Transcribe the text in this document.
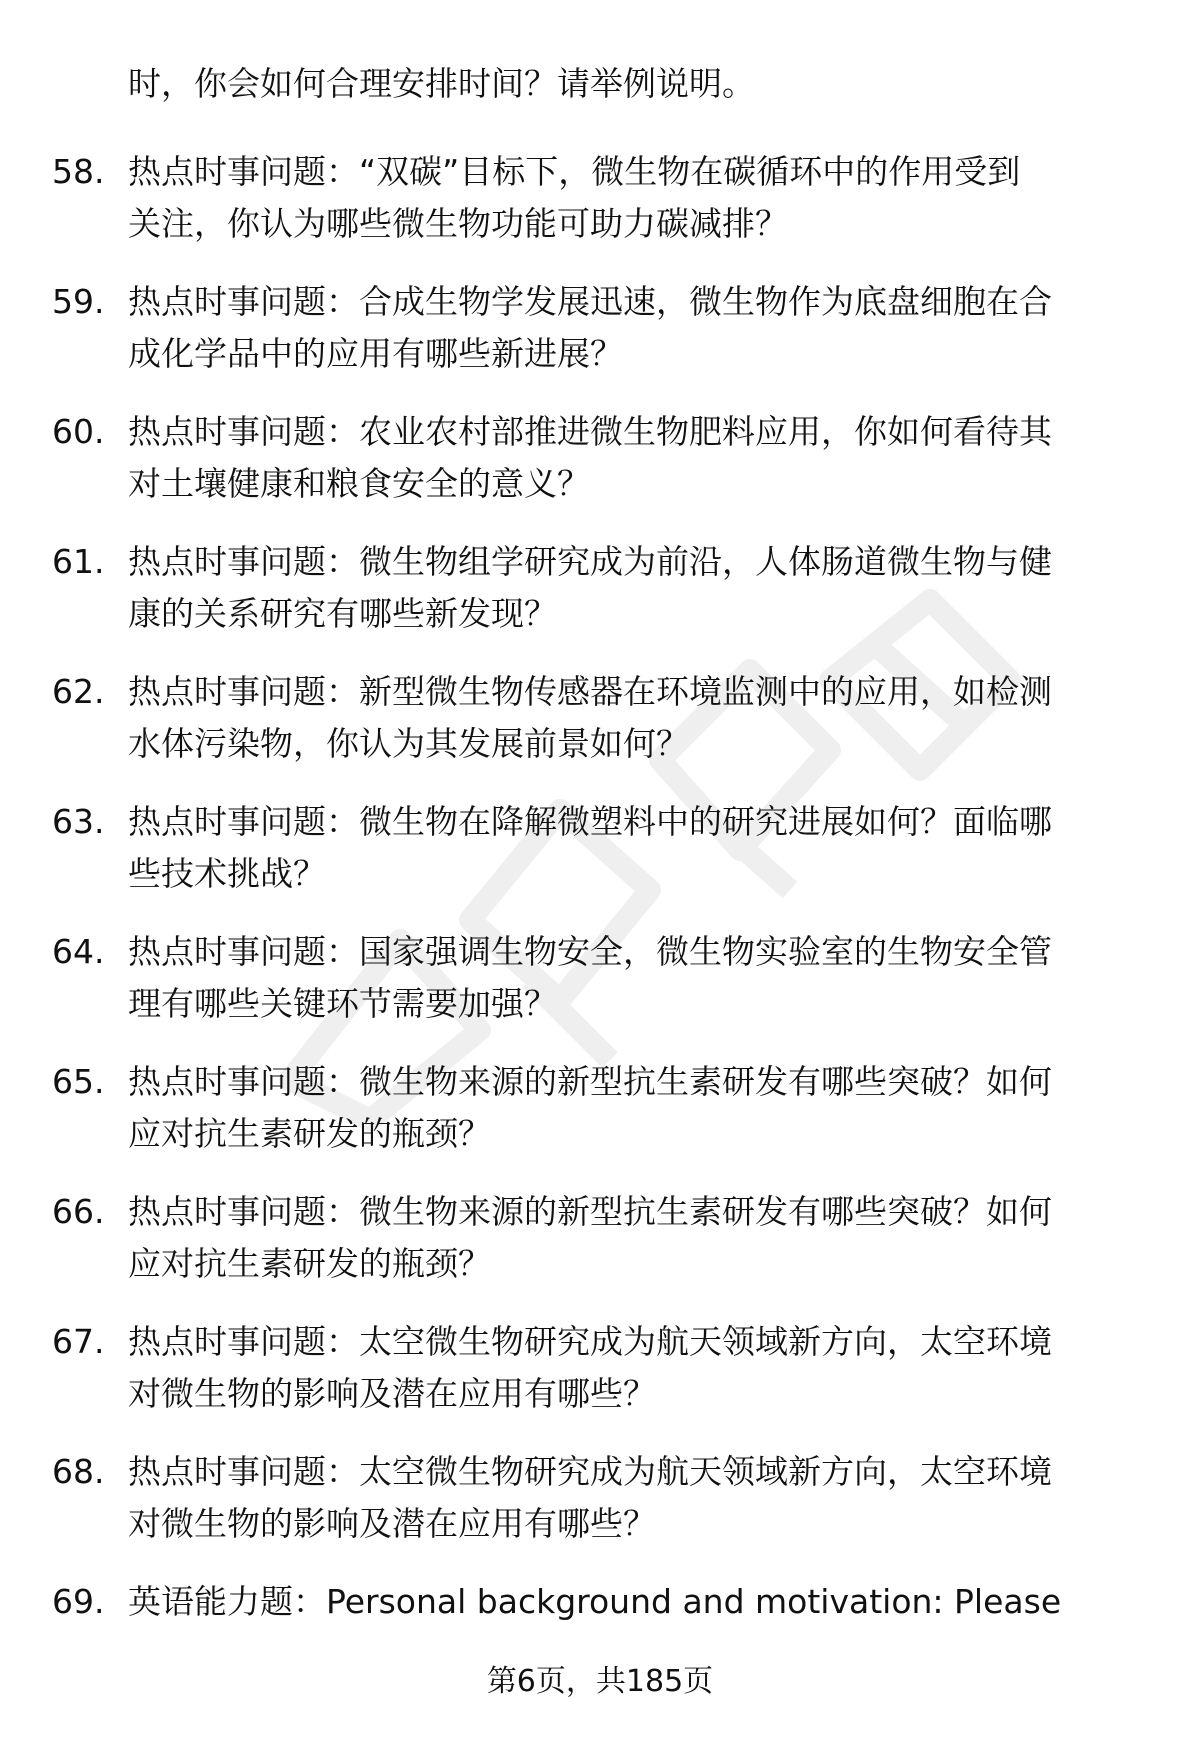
时，你会如何合理安排时间？请举例说明。
58. 热点时事问题：“双碳”目标下，微生物在碳循环中的作用受到
关注，你认为哪些微生物功能可助力碳减排？
59. 热点时事问题：合成生物学发展迅速，微生物作为底盘细胞在合
成化学品中的应用有哪些新进展？
60. 热点时事问题：农业农村部推进微生物肥料应用，你如何看待其
对土壤健康和粮食安全的意义？
61. 热点时事问题：微生物组学研究成为前沿，人体肠道微生物与健
康的关系研究有哪些新发现？
62. 热点时事问题：新型微生物传感器在环境监测中的应用，如检测
水体污染物，你认为其发展前景如何？
63. 热点时事问题：微生物在降解微塑料中的研究进展如何？面临哪
些技术挑战？
64. 热点时事问题：国家强调生物安全，微生物实验室的生物安全管
理有哪些关键环节需要加强？
65. 热点时事问题：微生物来源的新型抗生素研发有哪些突破？如何
应对抗生素研发的瓶颈？
66. 热点时事问题：微生物来源的新型抗生素研发有哪些突破？如何
应对抗生素研发的瓶颈？
67. 热点时事问题：太空微生物研究成为航天领域新方向，太空环境
对微生物的影响及潜在应用有哪些？
68. 热点时事问题：太空微生物研究成为航天领域新方向，太空环境
对微生物的影响及潜在应用有哪些？
69. 英语能力题：Personal background and motivation: Please
第6页，共185页
